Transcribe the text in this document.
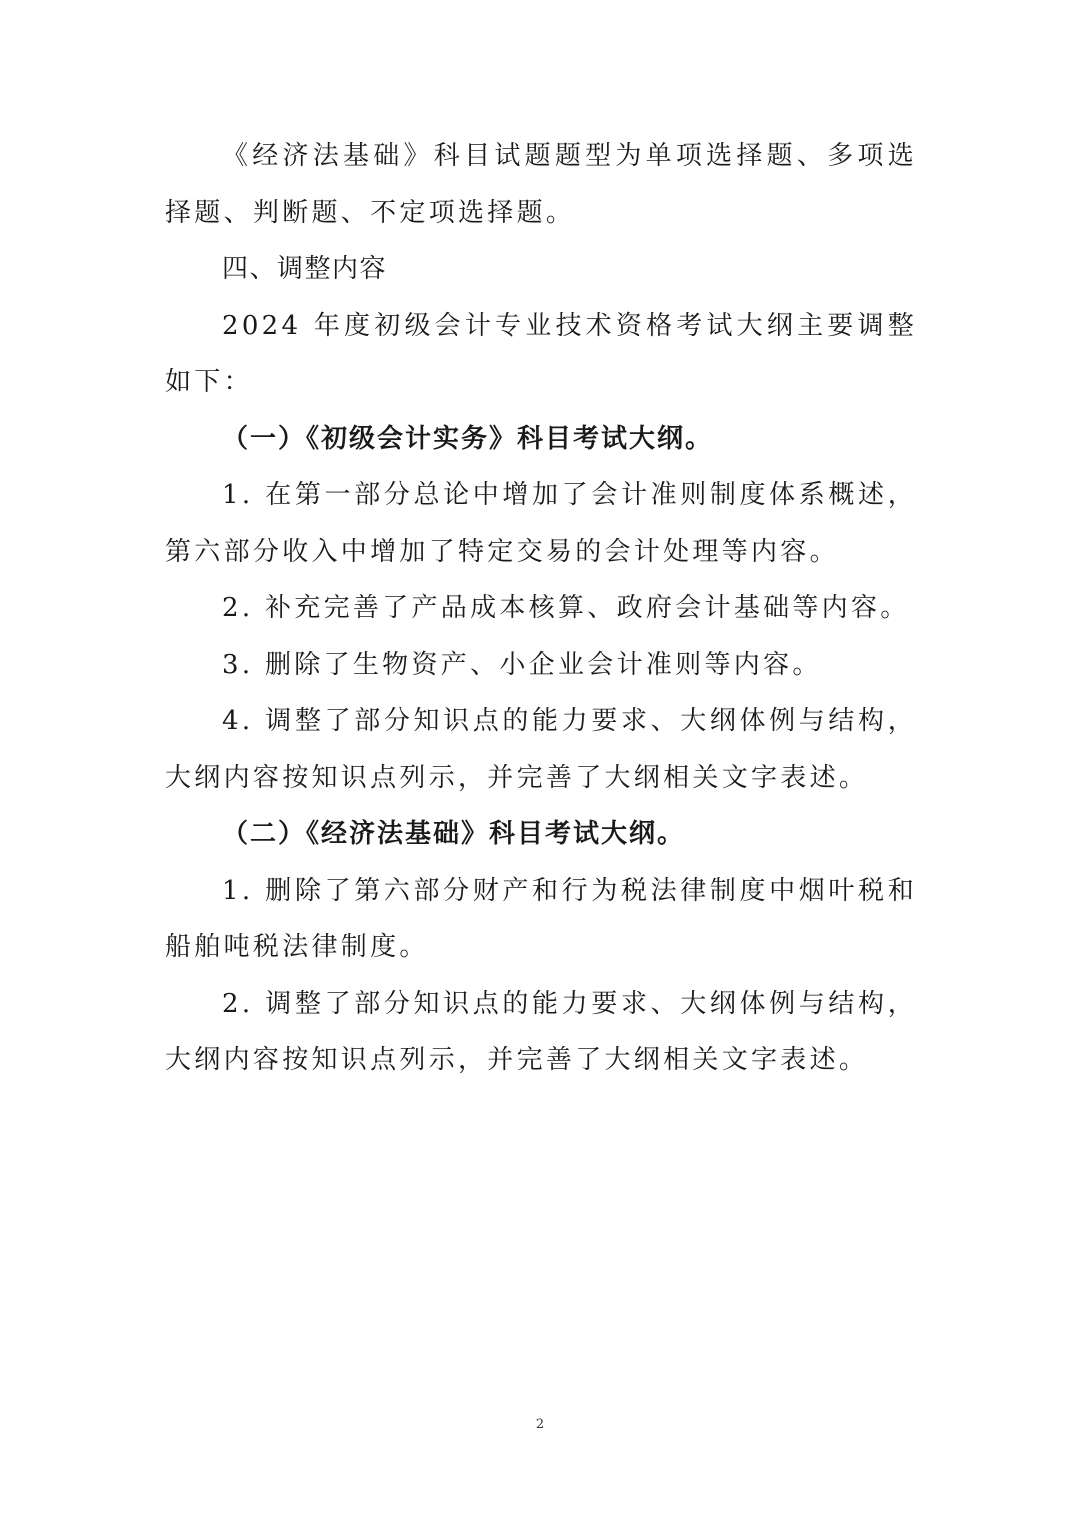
《经济法基础》科目试题题型为单项选择题、多项选择题、判断题、不定项选择题。

四、调整内容

2024 年度初级会计专业技术资格考试大纲主要调整如下：

（一）《初级会计实务》科目考试大纲。

1. 在第一部分总论中增加了会计准则制度体系概述，第六部分收入中增加了特定交易的会计处理等内容。

2. 补充完善了产品成本核算、政府会计基础等内容。

3. 删除了生物资产、小企业会计准则等内容。

4. 调整了部分知识点的能力要求、大纲体例与结构，大纲内容按知识点列示，并完善了大纲相关文字表述。

（二）《经济法基础》科目考试大纲。

1. 删除了第六部分财产和行为税法律制度中烟叶税和船舶吨税法律制度。

2. 调整了部分知识点的能力要求、大纲体例与结构，大纲内容按知识点列示，并完善了大纲相关文字表述。

2
